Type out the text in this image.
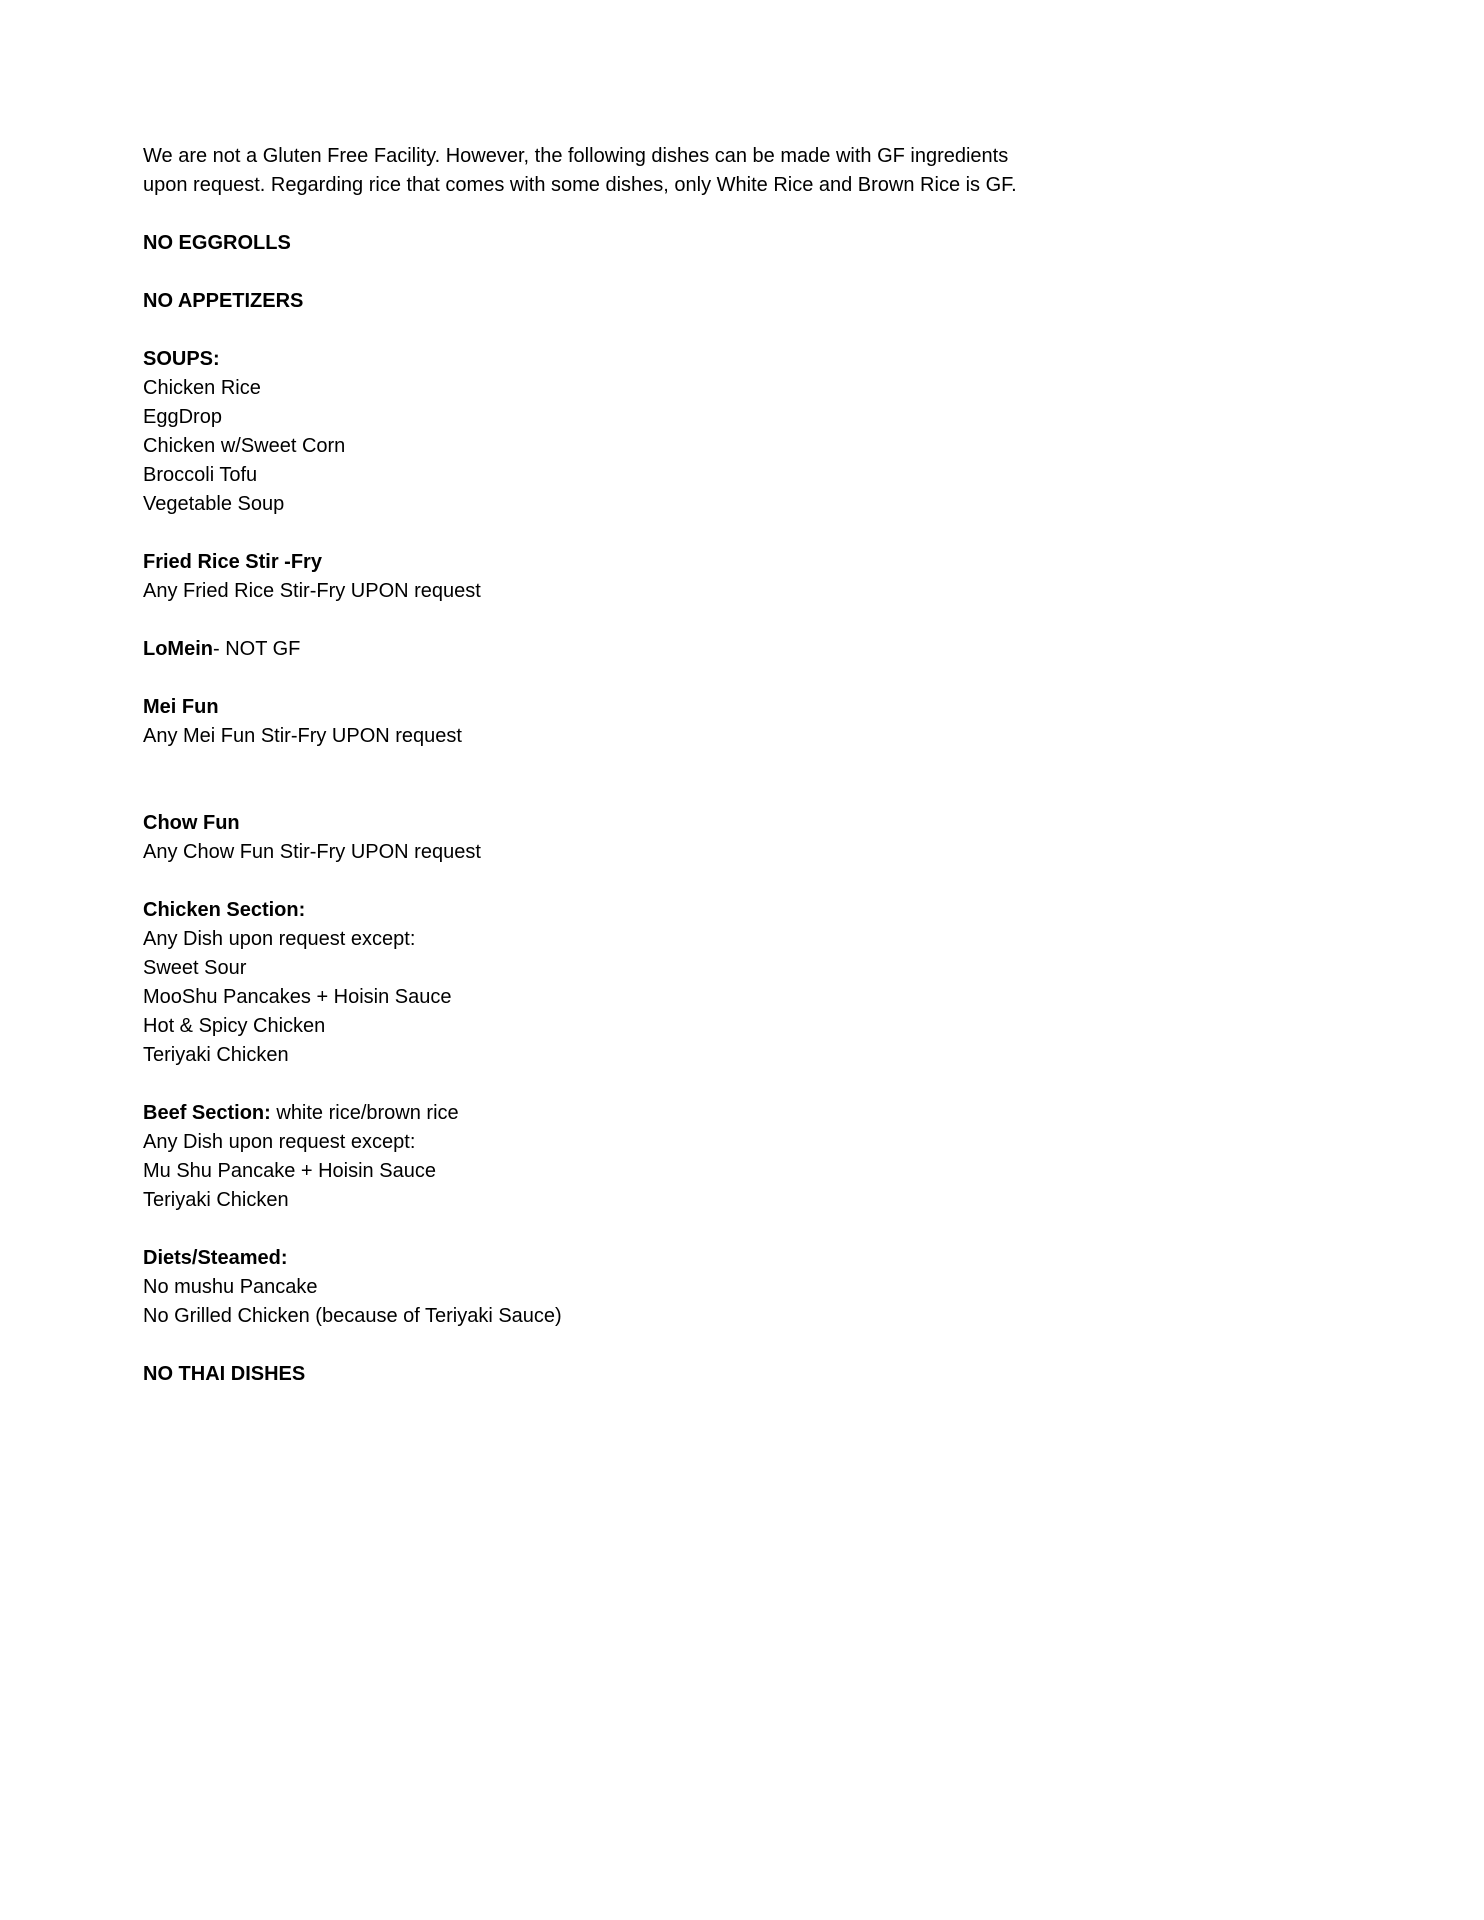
We are not a Gluten Free Facility. However, the following dishes can be made with GF ingredients upon request. Regarding rice that comes with some dishes, only White Rice and Brown Rice is GF.

NO EGGROLLS
NO APPETIZERS
SOUPS:

Chicken Rice

EggDrop

Chicken w/Sweet Corn

Broccoli Tofu

Vegetable Soup

Fried Rice Stir -Fry

Any Fried Rice Stir-Fry UPON request

LoMein- NOT GF
Mei Fun

Any Mei Fun Stir-Fry UPON request

Chow Fun

Any Chow Fun Stir-Fry UPON request

Chicken Section:

Any Dish upon request except:

Sweet Sour

MooShu Pancakes + Hoisin Sauce

Hot & Spicy Chicken

Teriyaki Chicken

Beef Section: white rice/brown rice

Any Dish upon request except:

Mu Shu Pancake + Hoisin Sauce

Teriyaki Chicken

Diets/Steamed:

No mushu Pancake

No Grilled Chicken (because of Teriyaki Sauce)

NO THAI DISHES
